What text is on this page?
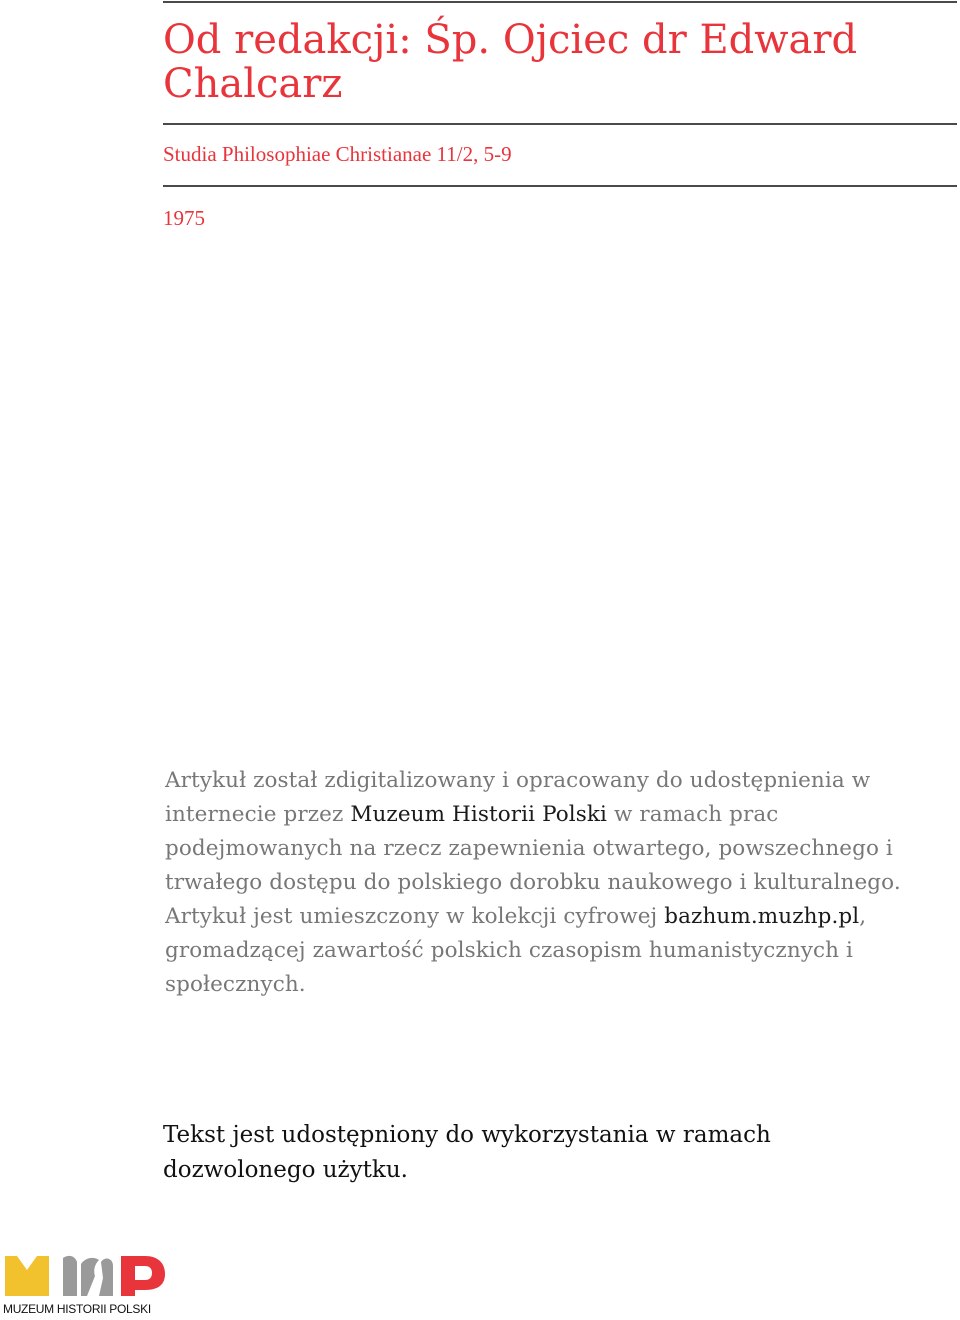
Od redakcji: Śp. Ojciec dr Edward Chalcarz
Studia Philosophiae Christianae 11/2, 5-9
1975

Artykuł został zdigitalizowany i opracowany do udostępnienia w internecie przez Muzeum Historii Polski w ramach prac podejmowanych na rzecz zapewnienia otwartego, powszechnego i trwałego dostępu do polskiego dorobku naukowego i kulturalnego. Artykuł jest umieszczony w kolekcji cyfrowej bazhum.muzhp.pl, gromadzącej zawartość polskich czasopism humanistycznych i społecznych.

Tekst jest udostępniony do wykorzystania w ramach dozwolonego użytku.

MUZEUM HISTORII POLSKI
